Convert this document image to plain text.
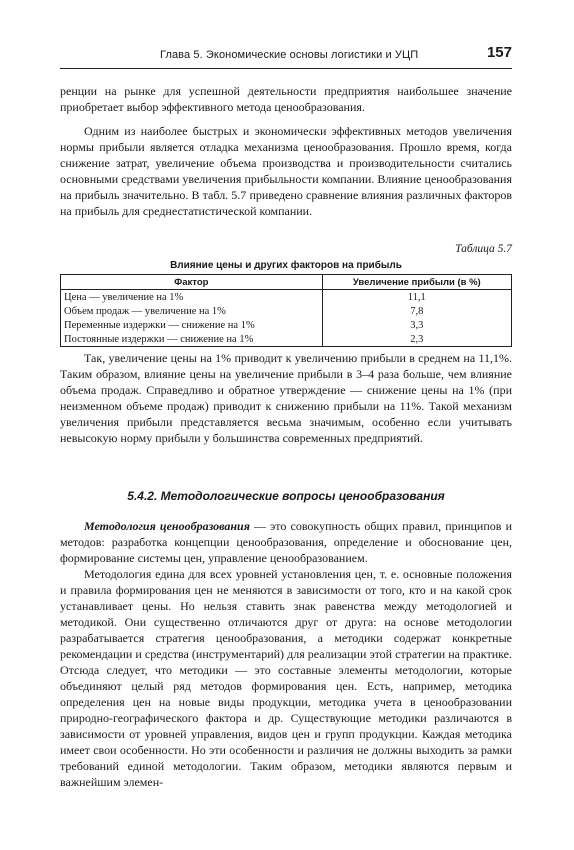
Глава 5. Экономические основы логистики и УЦП	157

ренции на рынке для успешной деятельности предприятия наибольшее значение приобретает выбор эффективного метода ценообразования.

Одним из наиболее быстрых и экономически эффективных методов увеличения нормы прибыли является отладка механизма ценообразования. Прошло время, когда снижение затрат, увеличение объема производства и производительности считались основными средствами увеличения прибыльности компании. Влияние ценообразования на прибыль значительно. В табл. 5.7 приведено сравнение влияния различных факторов на прибыль для среднестатистической компании.

Таблица 5.7
Влияние цены и других факторов на прибыль
Фактор	Увеличение прибыли (в %)
Цена — увеличение на 1%	11,1
Объем продаж — увеличение на 1%	7,8
Переменные издержки — снижение на 1%	3,3
Постоянные издержки — снижение на 1%	2,3

Так, увеличение цены на 1% приводит к увеличению прибыли в среднем на 11,1%. Таким образом, влияние цены на увеличение прибыли в 3–4 раза больше, чем влияние объема продаж. Справедливо и обратное утверждение — снижение цены на 1% (при неизменном объеме продаж) приводит к снижению прибыли на 11%. Такой механизм увеличения прибыли представляется весьма значимым, особенно если учитывать невысокую норму прибыли у большинства современных предприятий.

5.4.2. Методологические вопросы ценообразования

Методология ценообразования — это совокупность общих правил, принципов и методов: разработка концепции ценообразования, определение и обоснование цен, формирование системы цен, управление ценообразованием.

Методология едина для всех уровней установления цен, т. е. основные положения и правила формирования цен не меняются в зависимости от того, кто и на какой срок устанавливает цены. Но нельзя ставить знак равенства между методологией и методикой. Они существенно отличаются друг от друга: на основе методологии разрабатывается стратегия ценообразования, а методики содержат конкретные рекомендации и средства (инструментарий) для реализации этой стратегии на практике. Отсюда следует, что методики — это составные элементы методологии, которые объединяют целый ряд методов формирования цен. Есть, например, методика определения цен на новые виды продукции, методика учета в ценообразовании природно-географического фактора и др. Существующие методики различаются в зависимости от уровней управления, видов цен и групп продукции. Каждая методика имеет свои особенности. Но эти особенности и различия не должны выходить за рамки требований единой методологии. Таким образом, методики являются первым и важнейшим элемен-
